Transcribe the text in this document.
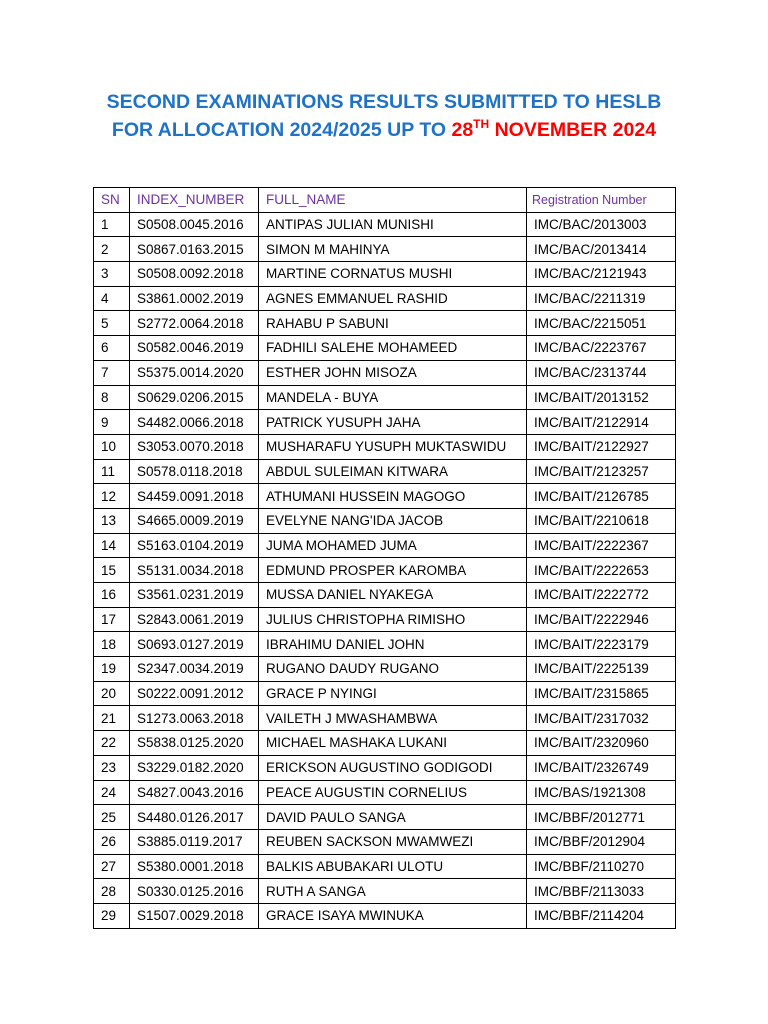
SECOND EXAMINATIONS RESULTS SUBMITTED TO HESLB
FOR ALLOCATION 2024/2025 UP TO 28TH NOVEMBER 2024
SN	INDEX_NUMBER	FULL_NAME	Registration Number
1	S0508.0045.2016	ANTIPAS JULIAN MUNISHI	IMC/BAC/2013003
2	S0867.0163.2015	SIMON M MAHINYA	IMC/BAC/2013414
3	S0508.0092.2018	MARTINE CORNATUS MUSHI	IMC/BAC/2121943
4	S3861.0002.2019	AGNES EMMANUEL RASHID	IMC/BAC/2211319
5	S2772.0064.2018	RAHABU P SABUNI	IMC/BAC/2215051
6	S0582.0046.2019	FADHILI SALEHE MOHAMEED	IMC/BAC/2223767
7	S5375.0014.2020	ESTHER JOHN MISOZA	IMC/BAC/2313744
8	S0629.0206.2015	MANDELA - BUYA	IMC/BAIT/2013152
9	S4482.0066.2018	PATRICK YUSUPH JAHA	IMC/BAIT/2122914
10	S3053.0070.2018	MUSHARAFU YUSUPH MUKTASWIDU	IMC/BAIT/2122927
11	S0578.0118.2018	ABDUL SULEIMAN KITWARA	IMC/BAIT/2123257
12	S4459.0091.2018	ATHUMANI HUSSEIN MAGOGO	IMC/BAIT/2126785
13	S4665.0009.2019	EVELYNE NANG'IDA JACOB	IMC/BAIT/2210618
14	S5163.0104.2019	JUMA MOHAMED JUMA	IMC/BAIT/2222367
15	S5131.0034.2018	EDMUND PROSPER KAROMBA	IMC/BAIT/2222653
16	S3561.0231.2019	MUSSA DANIEL NYAKEGA	IMC/BAIT/2222772
17	S2843.0061.2019	JULIUS CHRISTOPHA RIMISHO	IMC/BAIT/2222946
18	S0693.0127.2019	IBRAHIMU DANIEL JOHN	IMC/BAIT/2223179
19	S2347.0034.2019	RUGANO DAUDY RUGANO	IMC/BAIT/2225139
20	S0222.0091.2012	GRACE P NYINGI	IMC/BAIT/2315865
21	S1273.0063.2018	VAILETH J MWASHAMBWA	IMC/BAIT/2317032
22	S5838.0125.2020	MICHAEL MASHAKA LUKANI	IMC/BAIT/2320960
23	S3229.0182.2020	ERICKSON AUGUSTINO GODIGODI	IMC/BAIT/2326749
24	S4827.0043.2016	PEACE AUGUSTIN CORNELIUS	IMC/BAS/1921308
25	S4480.0126.2017	DAVID PAULO SANGA	IMC/BBF/2012771
26	S3885.0119.2017	REUBEN SACKSON MWAMWEZI	IMC/BBF/2012904
27	S5380.0001.2018	BALKIS ABUBAKARI ULOTU	IMC/BBF/2110270
28	S0330.0125.2016	RUTH A SANGA	IMC/BBF/2113033
29	S1507.0029.2018	GRACE ISAYA MWINUKA	IMC/BBF/2114204
